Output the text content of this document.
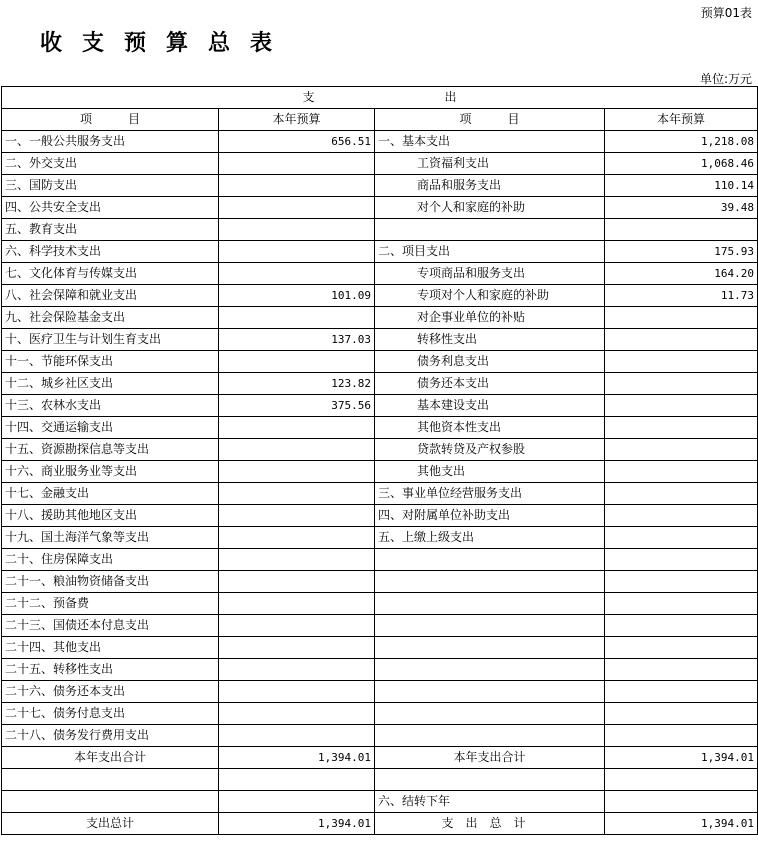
预算01表
收支预算总表
单位:万元
支出			
项　　　目	本年预算	项　　　目	本年预算
一、一般公共服务支出	656.51	一、基本支出	1,218.08
二、外交支出		工资福利支出	1,068.46
三、国防支出		商品和服务支出	110.14
四、公共安全支出		对个人和家庭的补助	39.48
五、教育支出			
六、科学技术支出		二、项目支出	175.93
七、文化体育与传媒支出		专项商品和服务支出	164.20
八、社会保障和就业支出	101.09	专项对个人和家庭的补助	11.73
九、社会保险基金支出		对企事业单位的补贴	
十、医疗卫生与计划生育支出	137.03	转移性支出	
十一、节能环保支出		债务利息支出	
十二、城乡社区支出	123.82	债务还本支出	
十三、农林水支出	375.56	基本建设支出	
十四、交通运输支出		其他资本性支出	
十五、资源勘探信息等支出		贷款转贷及产权参股	
十六、商业服务业等支出		其他支出	
十七、金融支出		三、事业单位经营服务支出	
十八、援助其他地区支出		四、对附属单位补助支出	
十九、国土海洋气象等支出		五、上缴上级支出	
二十、住房保障支出			
二十一、粮油物资储备支出			
二十二、预备费			
二十三、国债还本付息支出			
二十四、其他支出			
二十五、转移性支出			
二十六、债务还本支出			
二十七、债务付息支出			
二十八、债务发行费用支出			
本年支出合计	1,394.01	本年支出合计	1,394.01

		六、结转下年	
支出总计	1,394.01	支出总计	1,394.01
